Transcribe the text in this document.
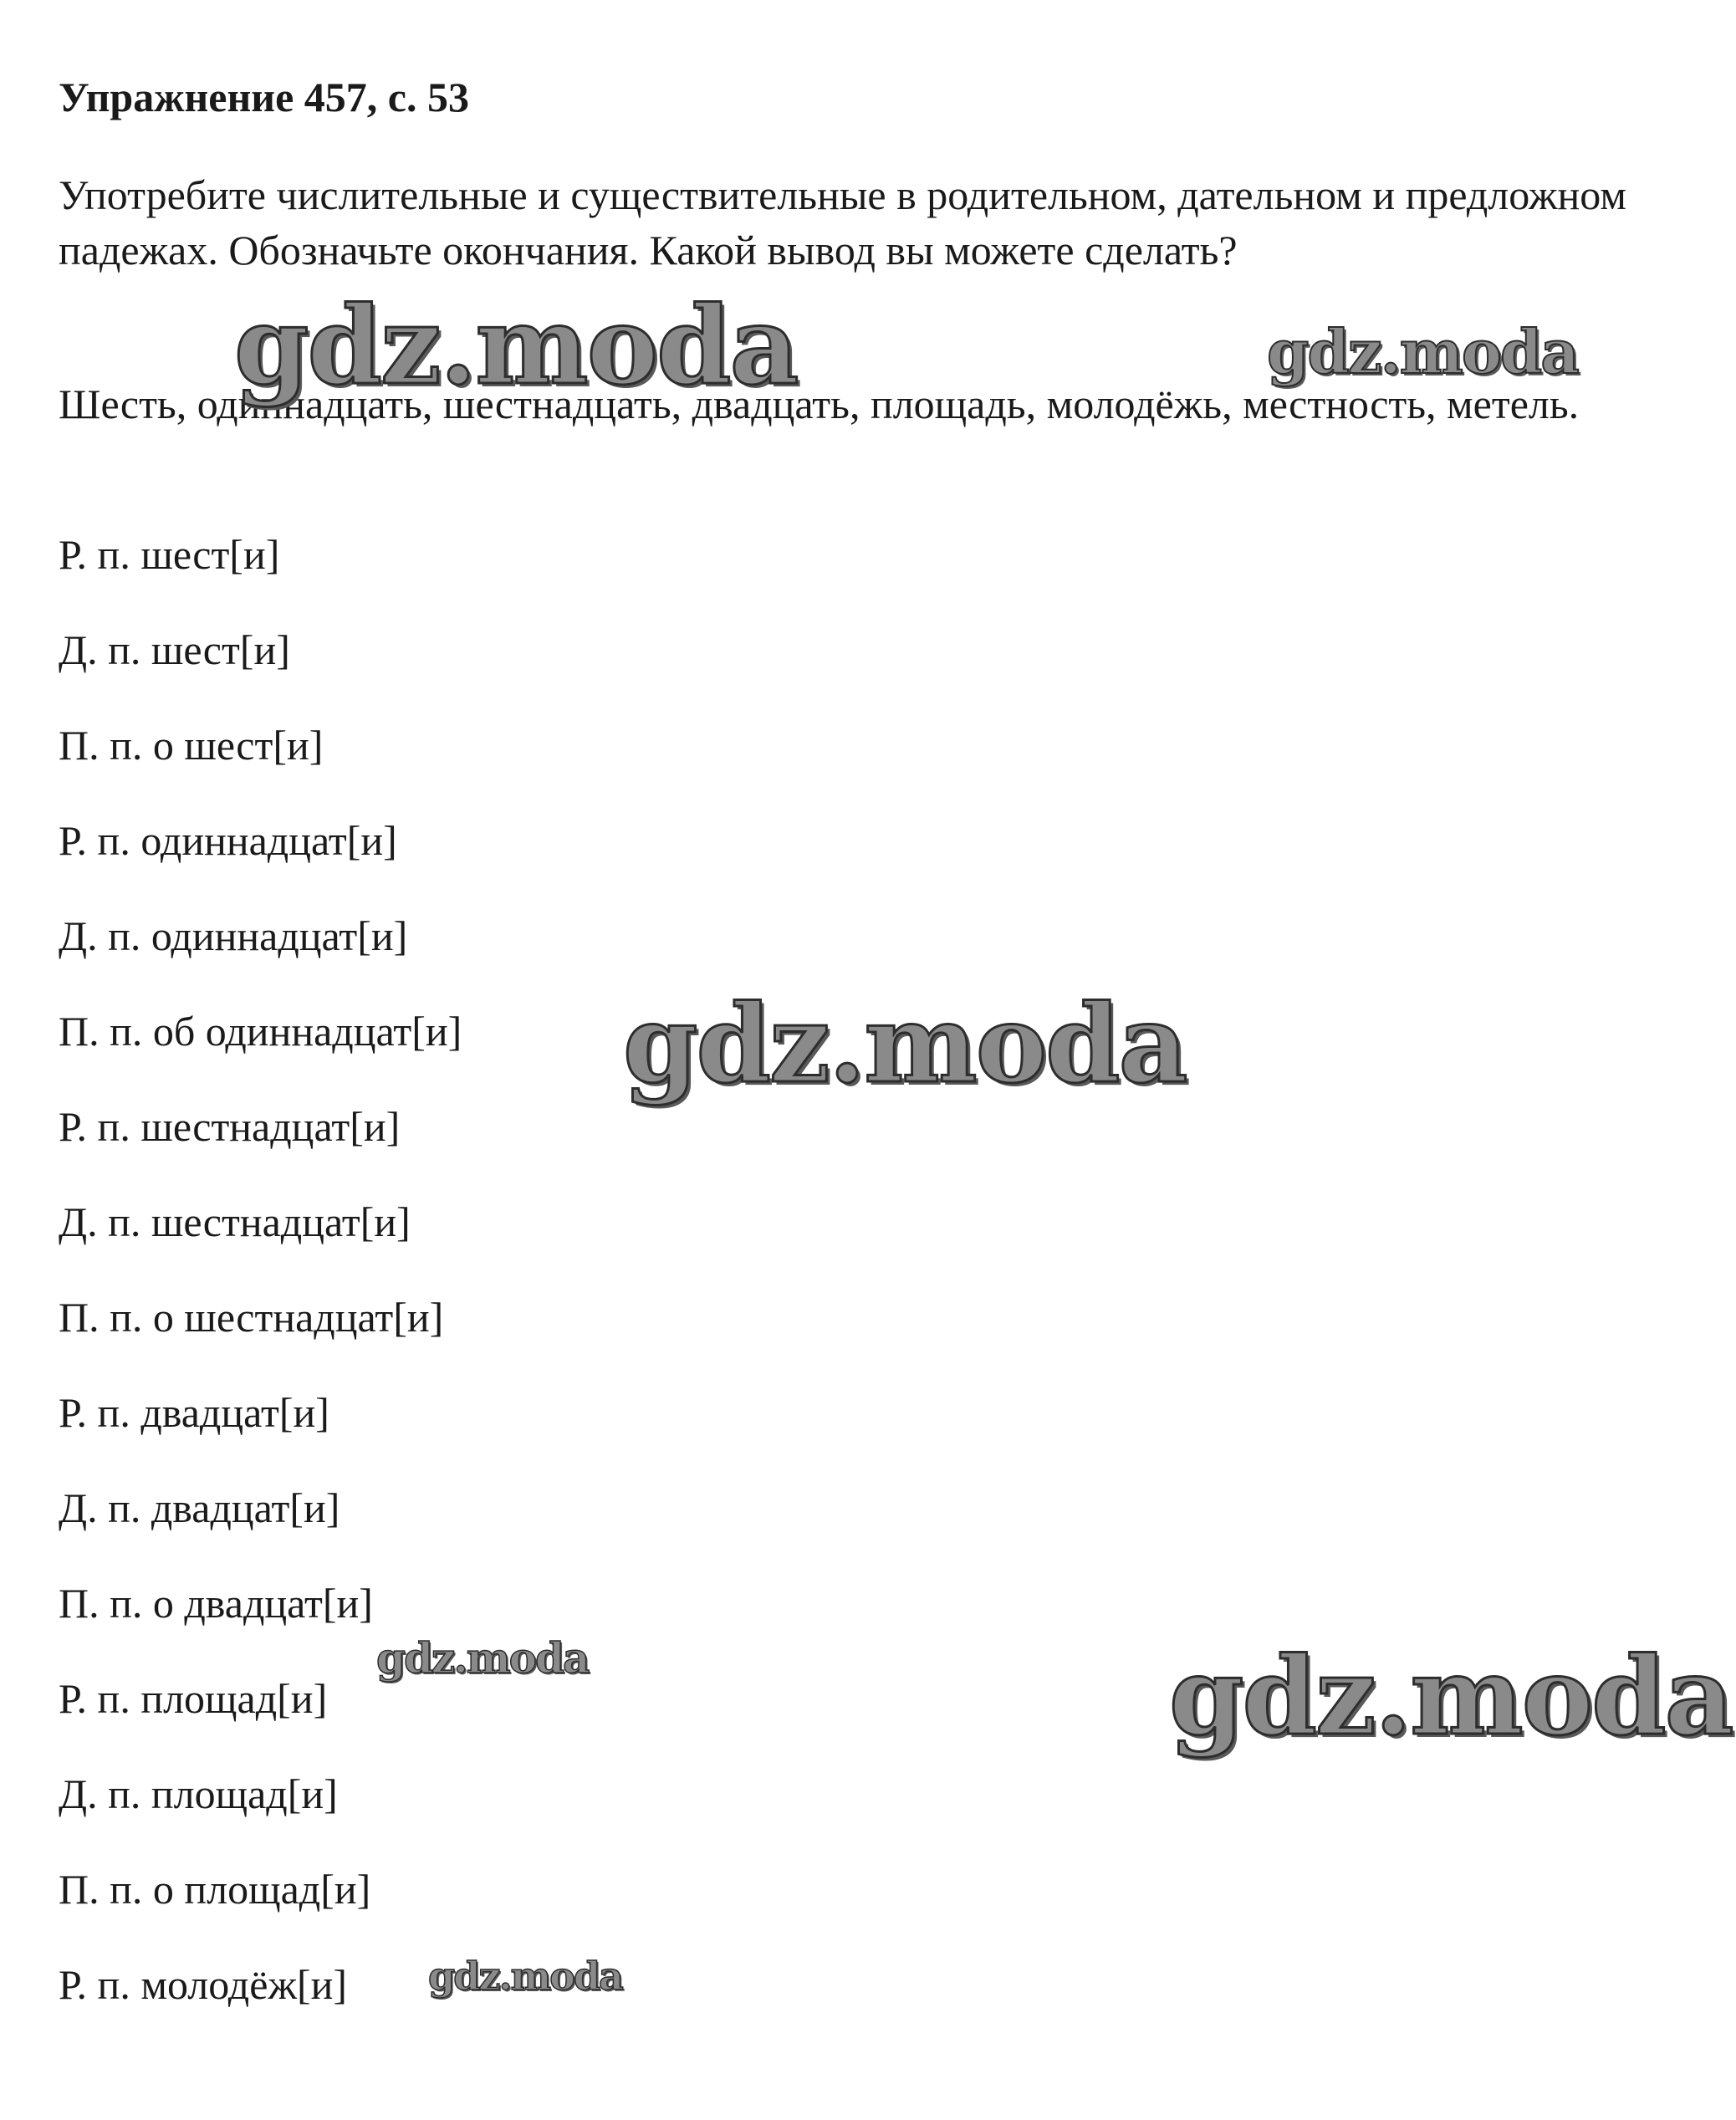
Упражнение 457, с. 53

Употребите числительные и существительные в родительном, дательном и предложном падежах. Обозначьте окончания. Какой вывод вы можете сделать?

Шесть, одиннадцать, шестнадцать, двадцать, площадь, молодёжь, местность, метель.

Р. п. шест[и]
Д. п. шест[и]
П. п. о шест[и]
Р. п. одиннадцат[и]
Д. п. одиннадцат[и]
П. п. об одиннадцат[и]
Р. п. шестнадцат[и]
Д. п. шестнадцат[и]
П. п. о шестнадцат[и]
Р. п. двадцат[и]
Д. п. двадцат[и]
П. п. о двадцат[и]
Р. п. площад[и]
Д. п. площад[и]
П. п. о площад[и]
Р. п. молодёж[и]
gdz.moda	gdz.moda
gdz.moda
gdz.moda	gdz.moda
gdz.moda
